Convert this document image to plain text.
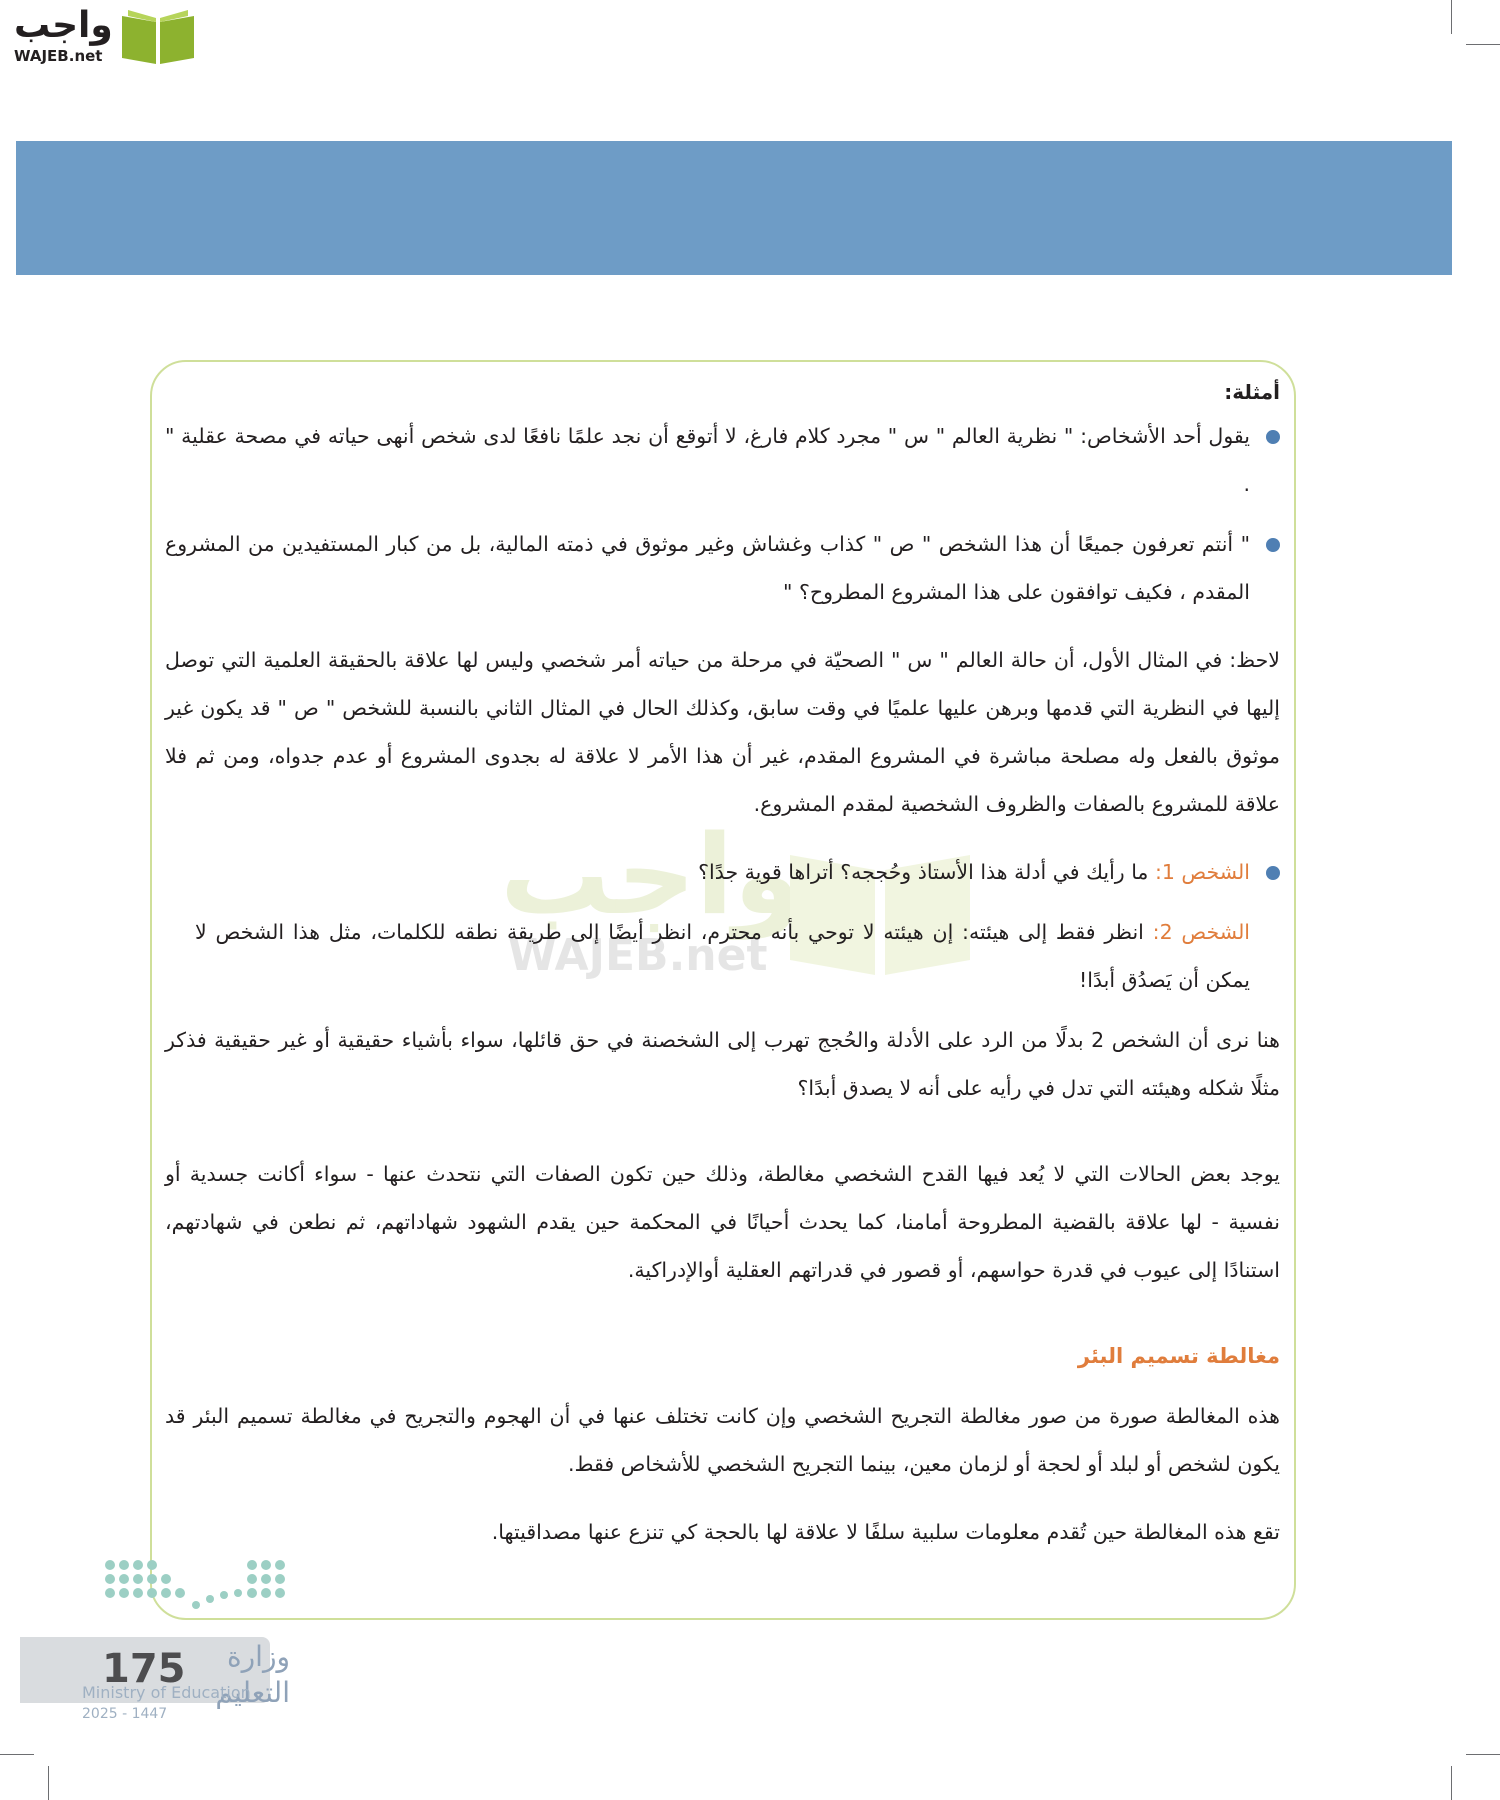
واجب
WAJEB.net
واجب
WAJEB.net

أمثلة:

يقول أحد الأشخاص: " نظرية العالم " س " مجرد كلام فارغ، لا أتوقع أن نجد علمًا نافعًا لدى شخص أنهى حياته في مصحة عقلية " .

" أنتم تعرفون جميعًا أن هذا الشخص " ص " كذاب وغشاش وغير موثوق في ذمته المالية، بل من كبار المستفيدين من المشروع المقدم ، فكيف توافقون على هذا المشروع المطروح؟ "

لاحظ: في المثال الأول، أن حالة العالم " س " الصحيّة في مرحلة من حياته أمر شخصي وليس لها علاقة بالحقيقة العلمية التي توصل إليها في النظرية التي قدمها وبرهن عليها علميًا في وقت سابق، وكذلك الحال في المثال الثاني بالنسبة للشخص " ص " قد يكون غير موثوق بالفعل وله مصلحة مباشرة في المشروع المقدم، غير أن هذا الأمر لا علاقة له بجدوى المشروع أو عدم جدواه، ومن ثم فلا علاقة للمشروع بالصفات والظروف الشخصية لمقدم المشروع.

الشخص 1: ما رأيك في أدلة هذا الأستاذ وحُججه؟ أتراها قوية جدًا؟

الشخص 2: انظر فقط إلى هيئته: إن هيئته لا توحي بأنه محترم، انظر أيضًا إلى طريقة نطقه للكلمات، مثل هذا الشخص لا يمكن أن يَصدُق أبدًا!

هنا نرى أن الشخص 2 بدلًا من الرد على الأدلة والحُجج تهرب إلى الشخصنة في حق قائلها، سواء بأشياء حقيقية أو غير حقيقية فذكر مثلًا شكله وهيئته التي تدل في رأيه على أنه لا يصدق أبدًا؟

يوجد بعض الحالات التي لا يُعد فيها القدح الشخصي مغالطة، وذلك حين تكون الصفات التي نتحدث عنها - سواء أكانت جسدية أو نفسية - لها علاقة بالقضية المطروحة أمامنا، كما يحدث أحيانًا في المحكمة حين يقدم الشهود شهاداتهم، ثم نطعن في شهادتهم، استنادًا إلى عيوب في قدرة حواسهم، أو قصور في قدراتهم العقلية أوالإدراكية.

مغالطة تسميم البئر

هذه المغالطة صورة من صور مغالطة التجريح الشخصي وإن كانت تختلف عنها في أن الهجوم والتجريح في مغالطة تسميم البئر قد يكون لشخص أو لبلد أو لحجة أو لزمان معين، بينما التجريح الشخصي للأشخاص فقط.

تقع هذه المغالطة حين تُقدم معلومات سلبية سلفًا لا علاقة لها بالحجة كي تنزع عنها مصداقيتها.

وزارة التعليم
175
Ministry of Education
2025 - 1447
